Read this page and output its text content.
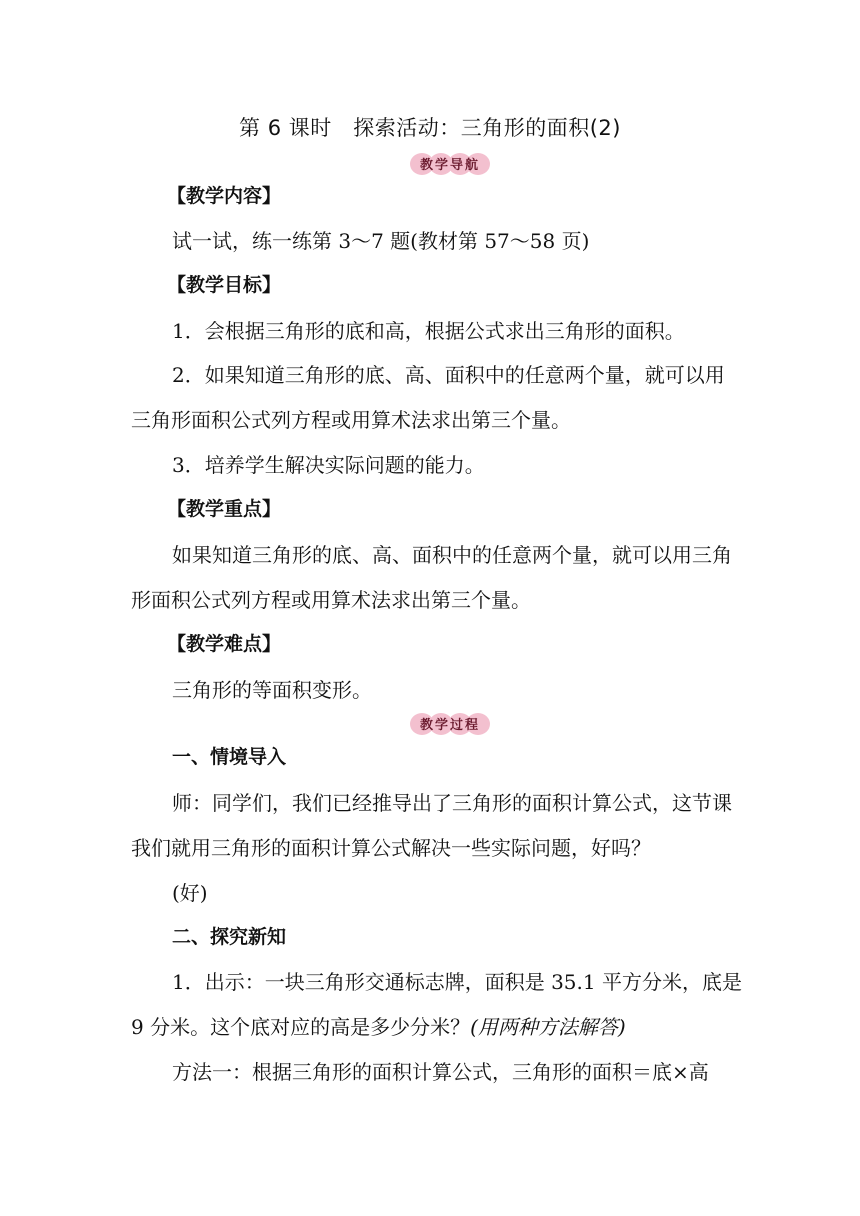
第 6 课时　探索活动：三角形的面积(2)
教学导航
【教学内容】
试一试，练一练第 3～7 题(教材第 57～58 页)
【教学目标】
1．会根据三角形的底和高，根据公式求出三角形的面积。
2．如果知道三角形的底、高、面积中的任意两个量，就可以用
三角形面积公式列方程或用算术法求出第三个量。
3．培养学生解决实际问题的能力。
【教学重点】
如果知道三角形的底、高、面积中的任意两个量，就可以用三角
形面积公式列方程或用算术法求出第三个量。
【教学难点】
三角形的等面积变形。
教学过程
一、情境导入
师：同学们，我们已经推导出了三角形的面积计算公式，这节课
我们就用三角形的面积计算公式解决一些实际问题，好吗？
(好)
二、探究新知
1．出示：一块三角形交通标志牌，面积是 35.1 平方分米，底是
9 分米。这个底对应的高是多少分米？(用两种方法解答)
方法一：根据三角形的面积计算公式，三角形的面积＝底×高
